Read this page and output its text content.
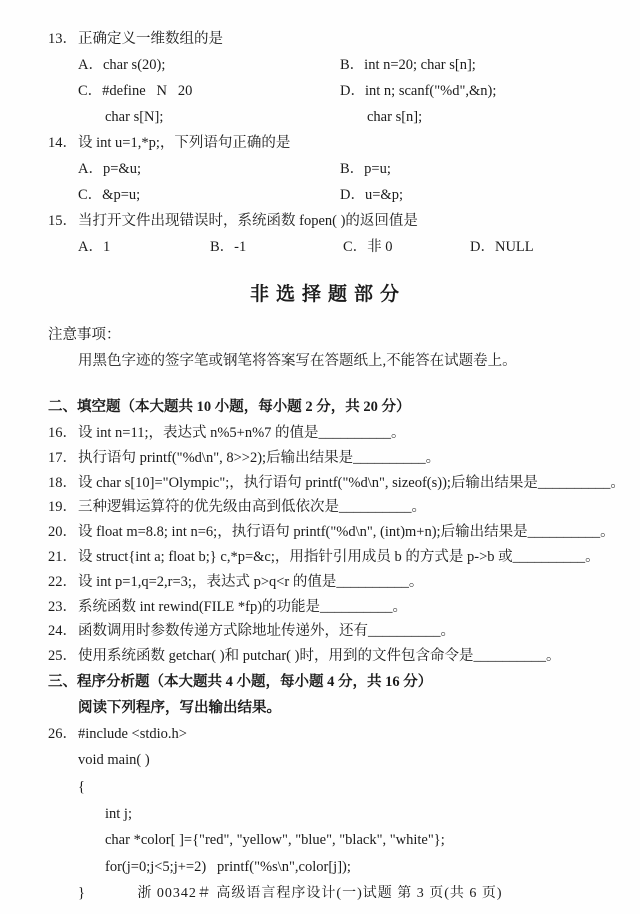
13． 正确定义一维数组的是
A．char s(20);	B．int n=20; char s[n];
C．#define   N   20	D．int n; scanf("%d",&n);
char s[N];	char s[n];
14． 设 int u=1,*p;，下列语句正确的是
A．p=&u;	B．p=u;
C．&p=u;	D．u=&p;
15． 当打开文件出现错误时，系统函数 fopen( )的返回值是
A．1	B．-1	C．非 0	D．NULL
非选择题部分
注意事项：
用黑色字迹的签字笔或钢笔将答案写在答题纸上,不能答在试题卷上。
二、填空题（本大题共 10 小题，每小题 2 分，共 20 分）
16． 设 int n=11;，表达式 n%5+n%7 的值是__________。
17． 执行语句 printf("%d\n", 8>>2);后输出结果是__________。
18． 设 char s[10]="Olympic";，执行语句 printf("%d\n", sizeof(s));后输出结果是__________。
19． 三种逻辑运算符的优先级由高到低依次是__________。
20． 设 float m=8.8; int n=6;，执行语句 printf("%d\n", (int)m+n);后输出结果是__________。
21． 设 struct{int a; float b;} c,*p=&c;，用指针引用成员 b 的方式是 p->b 或__________。
22． 设 int p=1,q=2,r=3;，表达式 p>q<r 的值是__________。
23． 系统函数 int rewind(FILE *fp)的功能是__________。
24． 函数调用时参数传递方式除地址传递外，还有__________。
25． 使用系统函数 getchar( )和 putchar( )时，用到的文件包含命令是__________。
三、程序分析题（本大题共 4 小题，每小题 4 分，共 16 分）
阅读下列程序，写出输出结果。
26． #include <stdio.h>
void main( )
{
int j;
char *color[ ]={"red", "yellow", "blue", "black", "white"};
for(j=0;j<5;j+=2)   printf("%s\n",color[j]);
}	浙 00342＃ 高级语言程序设计(一)试题 第 3 页(共 6 页)
